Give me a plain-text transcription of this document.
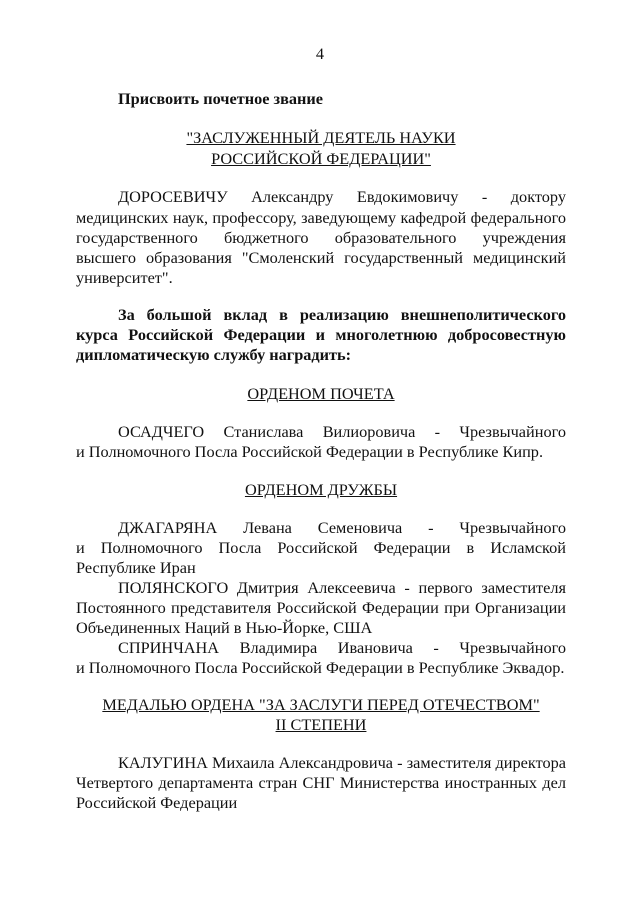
4
Присвоить почетное звание
"ЗАСЛУЖЕННЫЙ ДЕЯТЕЛЬ НАУКИ
РОССИЙСКОЙ ФЕДЕРАЦИИ"
ДОРОСЕВИЧУ Александру Евдокимовичу - доктору
медицинских наук, профессору, заведующему кафедрой федерального
государственного бюджетного образовательного учреждения
высшего образования "Смоленский государственный медицинский
университет".
За большой вклад в реализацию внешнеполитического
курса Российской Федерации и многолетнюю добросовестную
дипломатическую службу наградить:
ОРДЕНОМ ПОЧЕТА
ОСАДЧЕГО Станислава Вилиоровича - Чрезвычайного
и Полномочного Посла Российской Федерации в Республике Кипр.
ОРДЕНОМ ДРУЖБЫ
ДЖАГАРЯНА Левана Семеновича - Чрезвычайного
и Полномочного Посла Российской Федерации в Исламской
Республике Иран
ПОЛЯНСКОГО Дмитрия Алексеевича - первого заместителя
Постоянного представителя Российской Федерации при Организации
Объединенных Наций в Нью-Йорке, США
СПРИНЧАНА Владимира Ивановича - Чрезвычайного
и Полномочного Посла Российской Федерации в Республике Эквадор.
МЕДАЛЬЮ ОРДЕНА "ЗА ЗАСЛУГИ ПЕРЕД ОТЕЧЕСТВОМ"
II СТЕПЕНИ
КАЛУГИНА Михаила Александровича - заместителя директора
Четвертого департамента стран СНГ Министерства иностранных дел
Российской Федерации
